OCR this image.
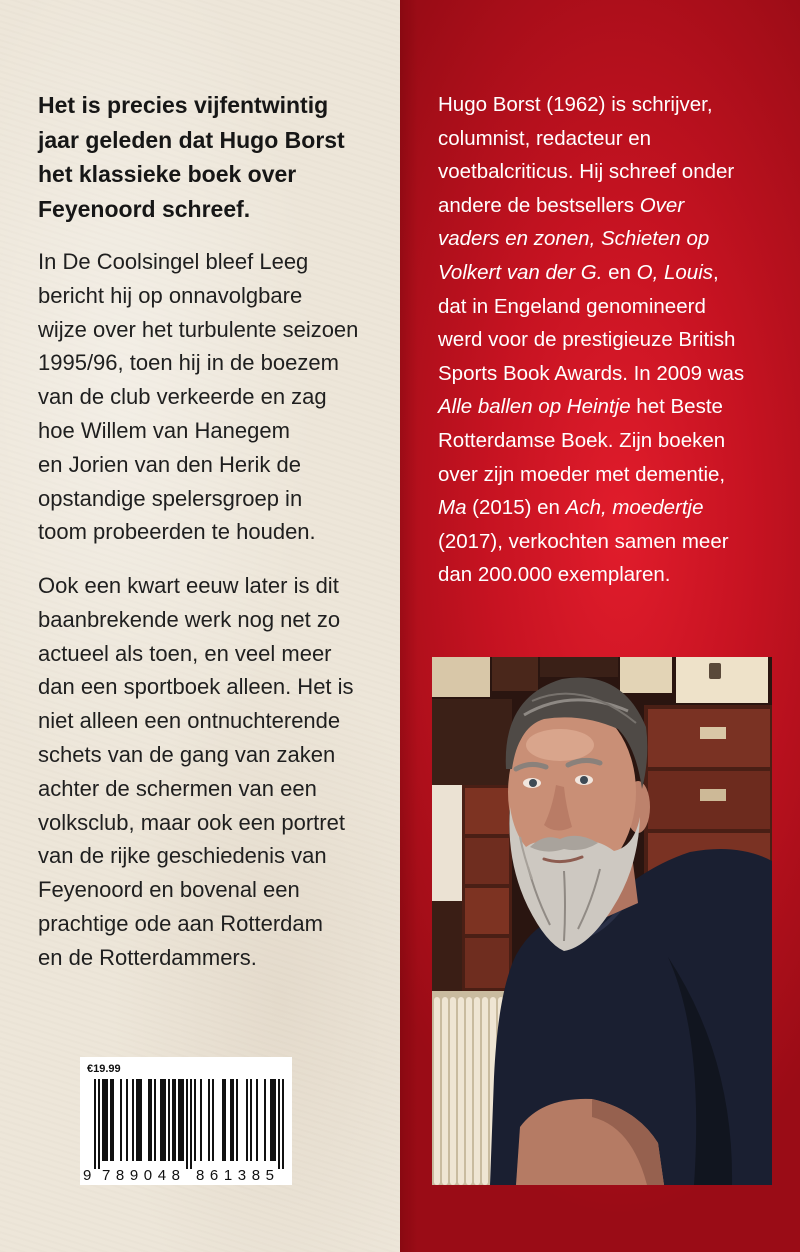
Het is precies vijfentwintig
jaar geleden dat Hugo Borst
het klassieke boek over
Feyenoord schreef.
In De Coolsingel bleef Leeg
bericht hij op onnavolgbare
wijze over het turbulente seizoen
1995/96, toen hij in de boezem
van de club verkeerde en zag
hoe Willem van Hanegem
en Jorien van den Herik de
opstandige spelersgroep in
toom probeerden te houden.
Ook een kwart eeuw later is dit
baanbrekende werk nog net zo
actueel als toen, en veel meer
dan een sportboek alleen. Het is
niet alleen een ontnuchterende
schets van de gang van zaken
achter de schermen van een
volksclub, maar ook een portret
van de rijke geschiedenis van
Feyenoord en bovenal een
prachtige ode aan Rotterdam
en de Rotterdammers.
€19.99
9 789048 861385
Hugo Borst (1962) is schrijver,
columnist, redacteur en
voetbalcriticus. Hij schreef onder
andere de bestsellers Over
vaders en zonen, Schieten op
Volkert van der G. en O, Louis,
dat in Engeland genomineerd
werd voor de prestigieuze British
Sports Book Awards. In 2009 was
Alle ballen op Heintje het Beste
Rotterdamse Boek. Zijn boeken
over zijn moeder met dementie,
Ma (2015) en Ach, moedertje
(2017), verkochten samen meer
dan 200.000 exemplaren.
